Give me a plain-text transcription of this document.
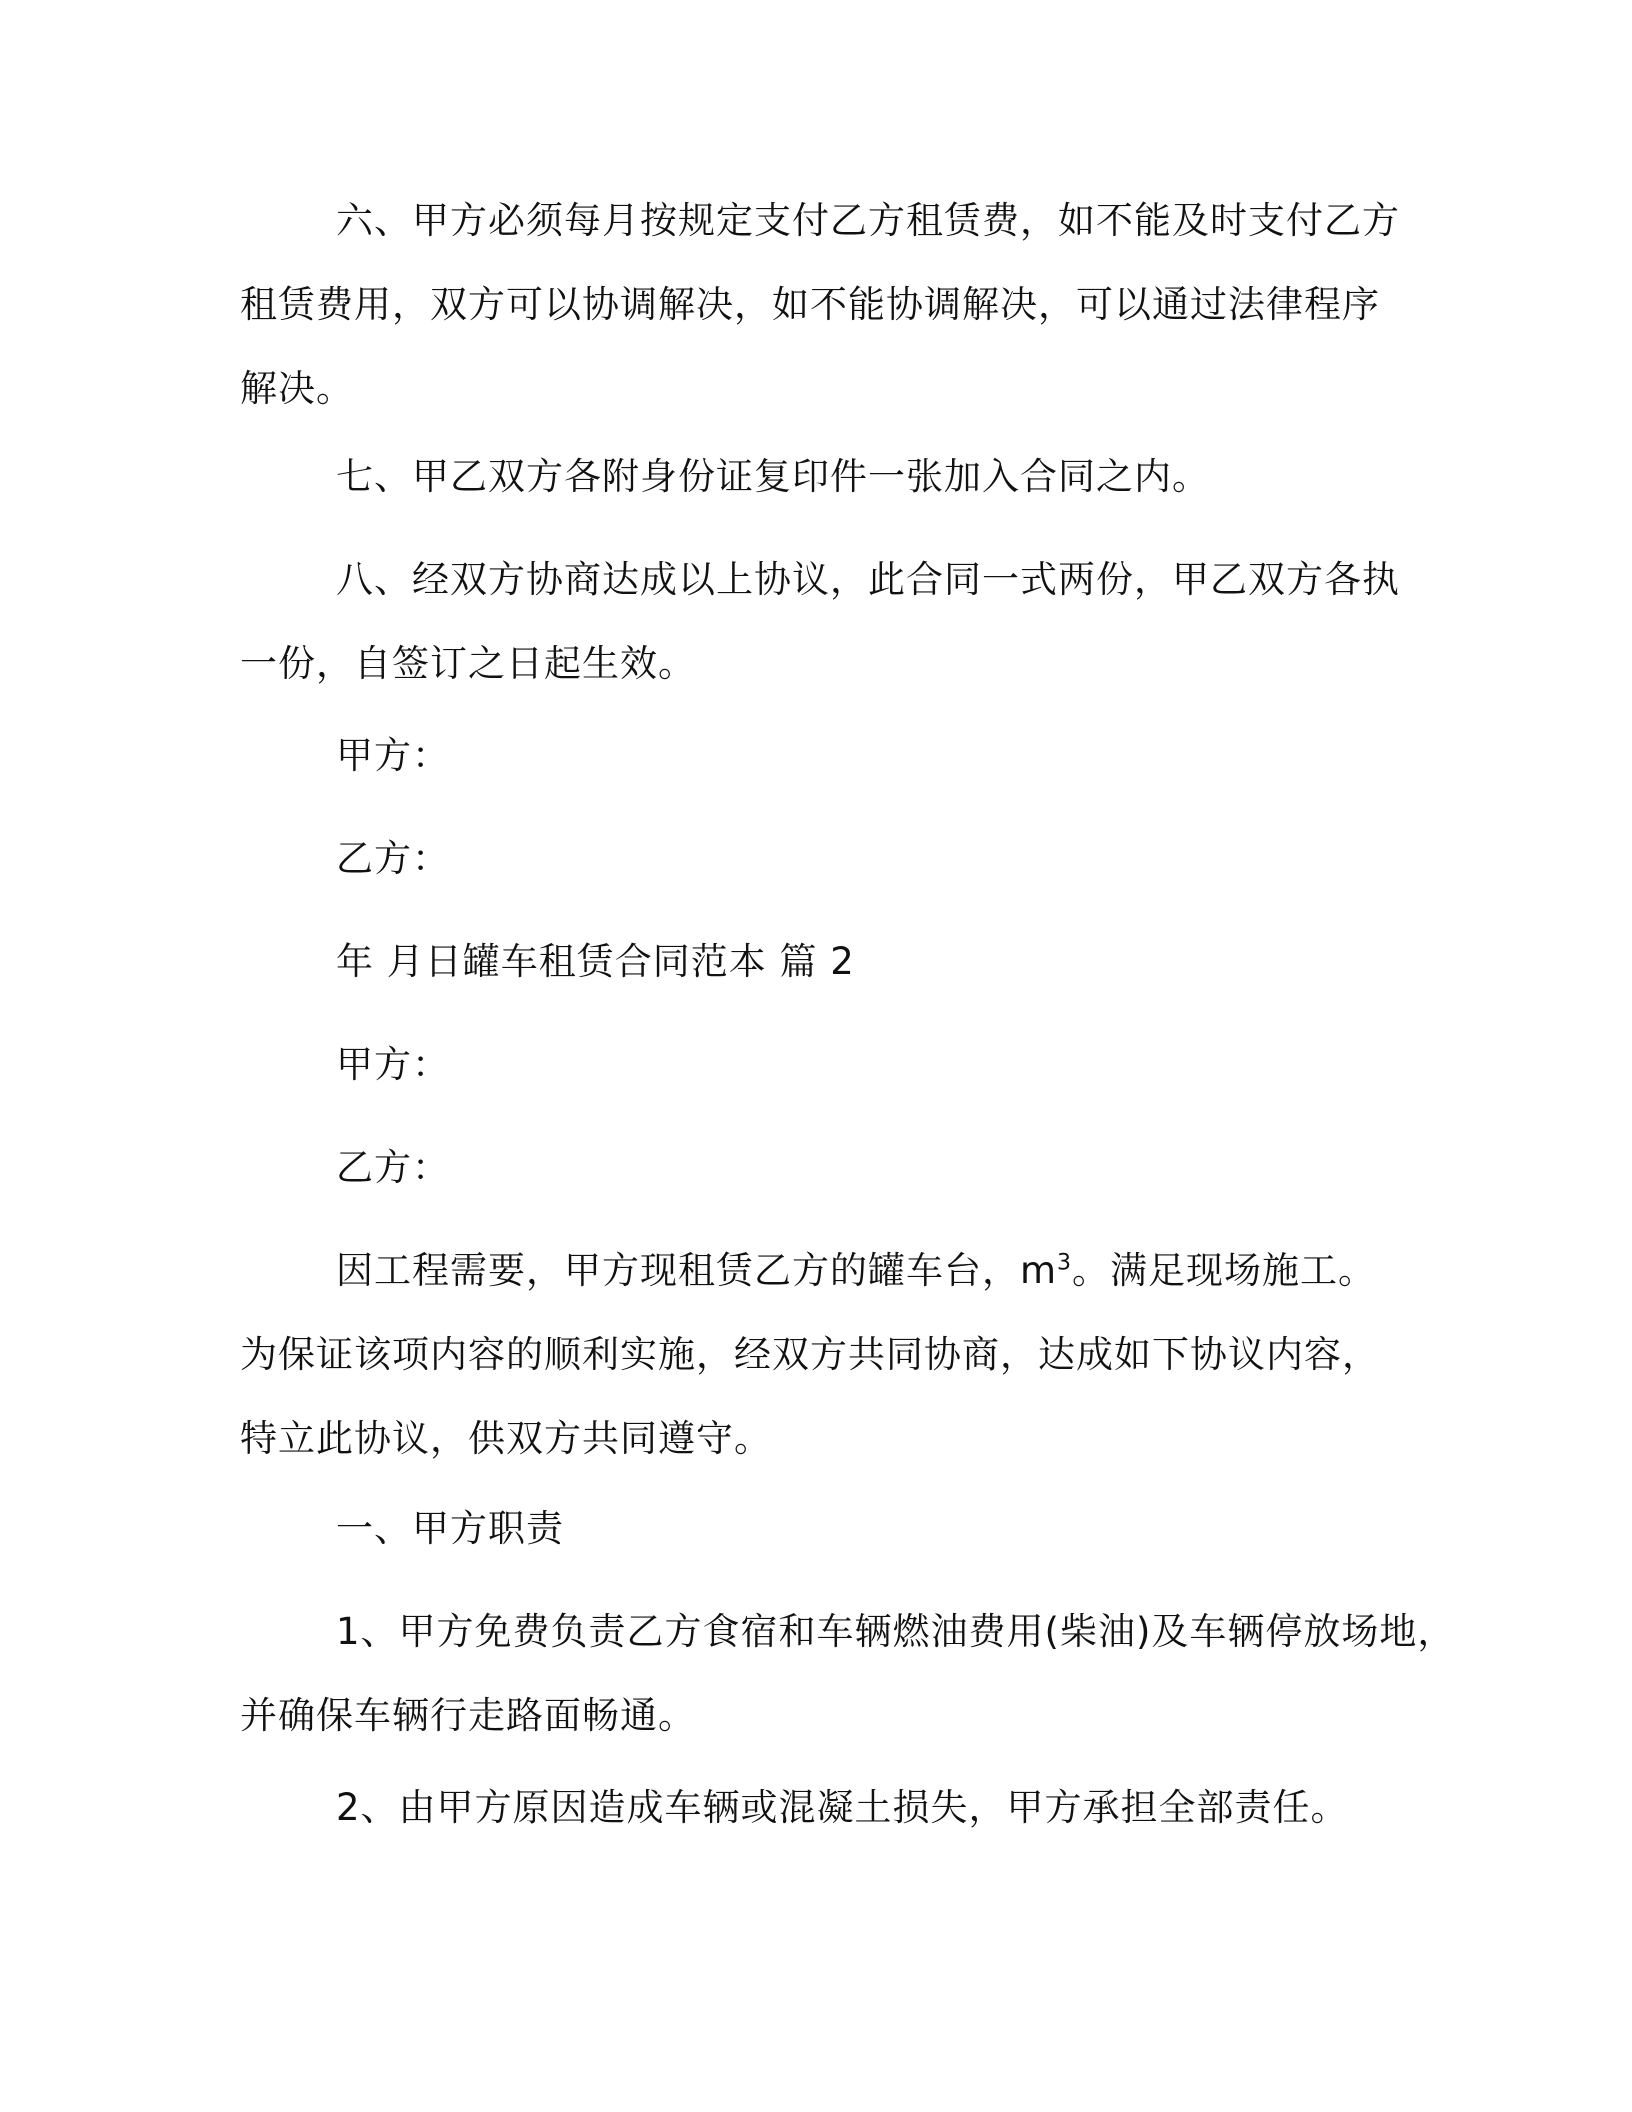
六、甲方必须每月按规定支付乙方租赁费，如不能及时支付乙方
租赁费用，双方可以协调解决，如不能协调解决，可以通过法律程序
解决。

七、甲乙双方各附身份证复印件一张加入合同之内。

八、经双方协商达成以上协议，此合同一式两份，甲乙双方各执
一份，自签订之日起生效。

甲方：

乙方：

年 月日罐车租赁合同范本 篇 2

甲方：

乙方：

因工程需要，甲方现租赁乙方的罐车台，$m^3$。满足现场施工。
为保证该项内容的顺利实施，经双方共同协商，达成如下协议内容，
特立此协议，供双方共同遵守。

一、甲方职责

1、甲方免费负责乙方食宿和车辆燃油费用(柴油)及车辆停放场地，
并确保车辆行走路面畅通。

2、由甲方原因造成车辆或混凝土损失，甲方承担全部责任。
